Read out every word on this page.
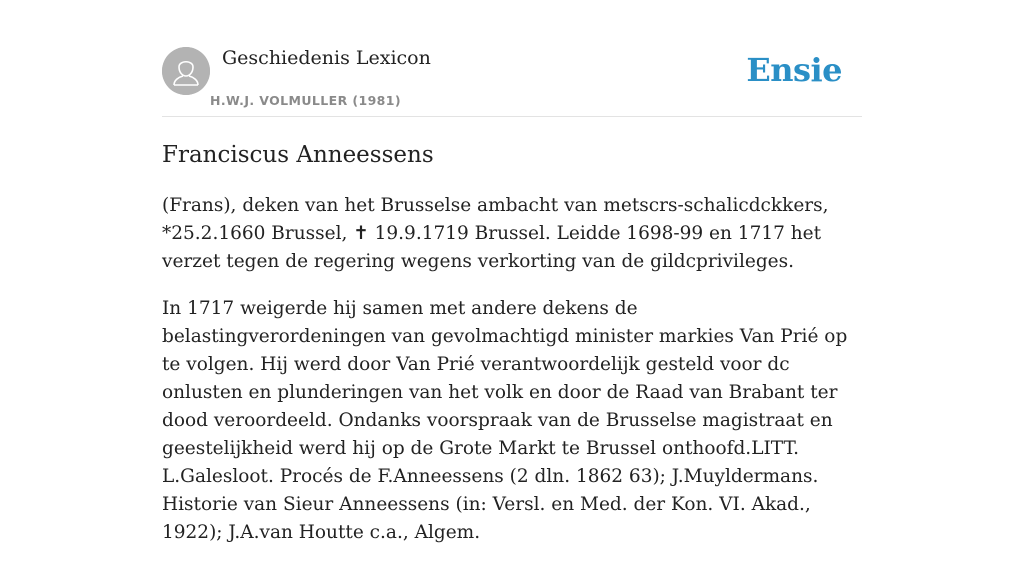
Geschiedenis Lexicon
H.W.J. VOLMULLER (1981)
Ensie
Franciscus Anneessens

(Frans), deken van het Brusselse ambacht van metscrs-schalicdckkers, *25.2.1660 Brussel, ✝ 19.9.1719 Brussel. Leidde 1698-99 en 1717 het verzet tegen de regering wegens verkorting van de gildcprivileges.

In 1717 weigerde hij samen met andere dekens de belastingverordeningen van gevolmachtigd minister markies Van Prié op te volgen. Hij werd door Van Prié verantwoordelijk gesteld voor dc onlusten en plunderingen van het volk en door de Raad van Brabant ter dood veroordeeld. Ondanks voorspraak van de Brusselse magistraat en geestelijkheid werd hij op de Grote Markt te Brussel onthoofd.LITT. L.Galesloot. Procés de F.Anneessens (2 dln. 1862 63); J.Muyldermans. Historie van Sieur Anneessens (in: Versl. en Med. der Kon. VI. Akad., 1922); J.A.van Houtte c.a., Algem.
